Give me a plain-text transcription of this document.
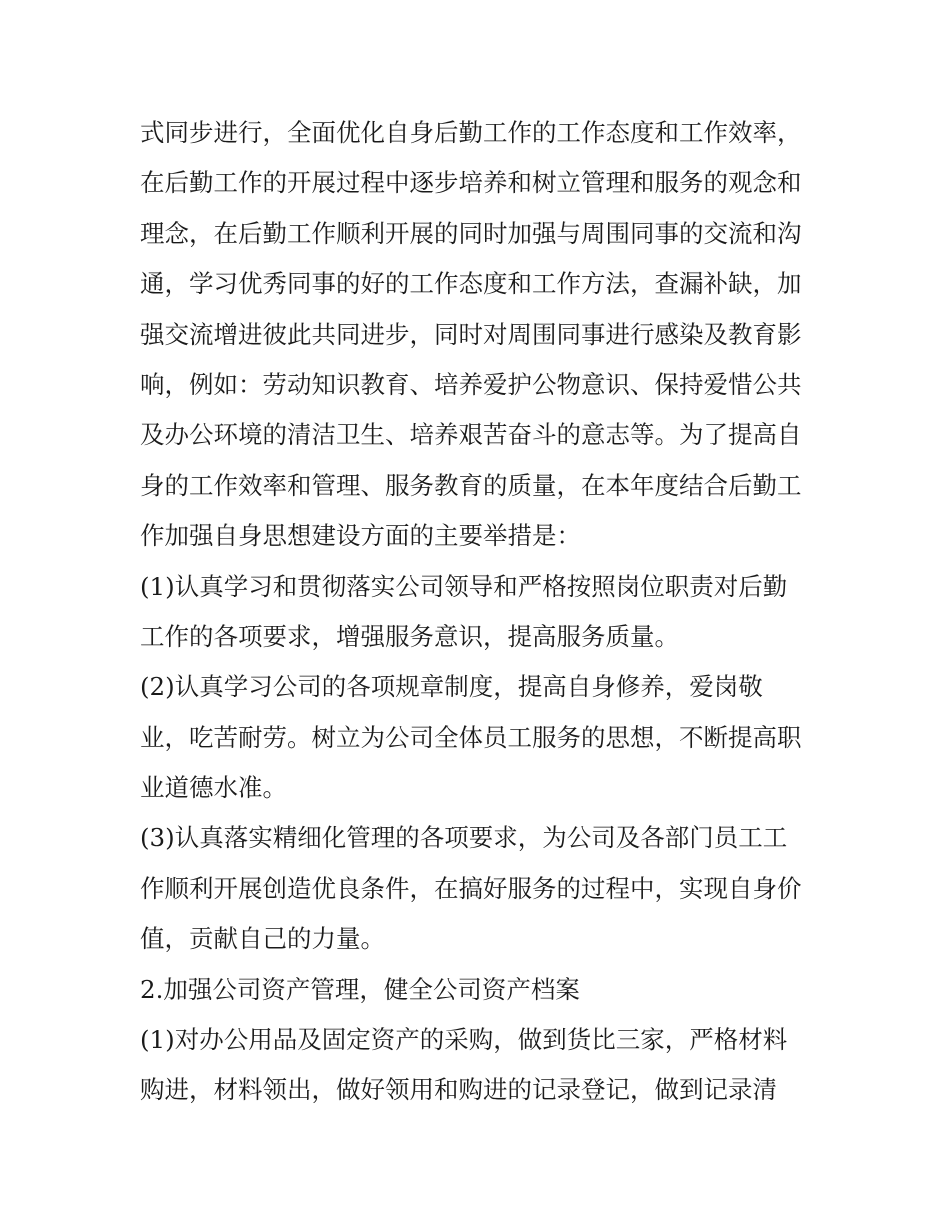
式同步进行，全面优化自身后勤工作的工作态度和工作效率，
在后勤工作的开展过程中逐步培养和树立管理和服务的观念和
理念，在后勤工作顺利开展的同时加强与周围同事的交流和沟
通，学习优秀同事的好的工作态度和工作方法，查漏补缺，加
强交流增进彼此共同进步，同时对周围同事进行感染及教育影
响，例如：劳动知识教育、培养爱护公物意识、保持爱惜公共
及办公环境的清洁卫生、培养艰苦奋斗的意志等。为了提高自
身的工作效率和管理、服务教育的质量，在本年度结合后勤工
作加强自身思想建设方面的主要举措是：
(1)认真学习和贯彻落实公司领导和严格按照岗位职责对后勤
工作的各项要求，增强服务意识，提高服务质量。
(2)认真学习公司的各项规章制度，提高自身修养，爱岗敬
业，吃苦耐劳。树立为公司全体员工服务的思想，不断提高职
业道德水准。
(3)认真落实精细化管理的各项要求，为公司及各部门员工工
作顺利开展创造优良条件，在搞好服务的过程中，实现自身价
值，贡献自己的力量。
2.加强公司资产管理，健全公司资产档案
(1)对办公用品及固定资产的采购，做到货比三家，严格材料
购进，材料领出，做好领用和购进的记录登记，做到记录清
